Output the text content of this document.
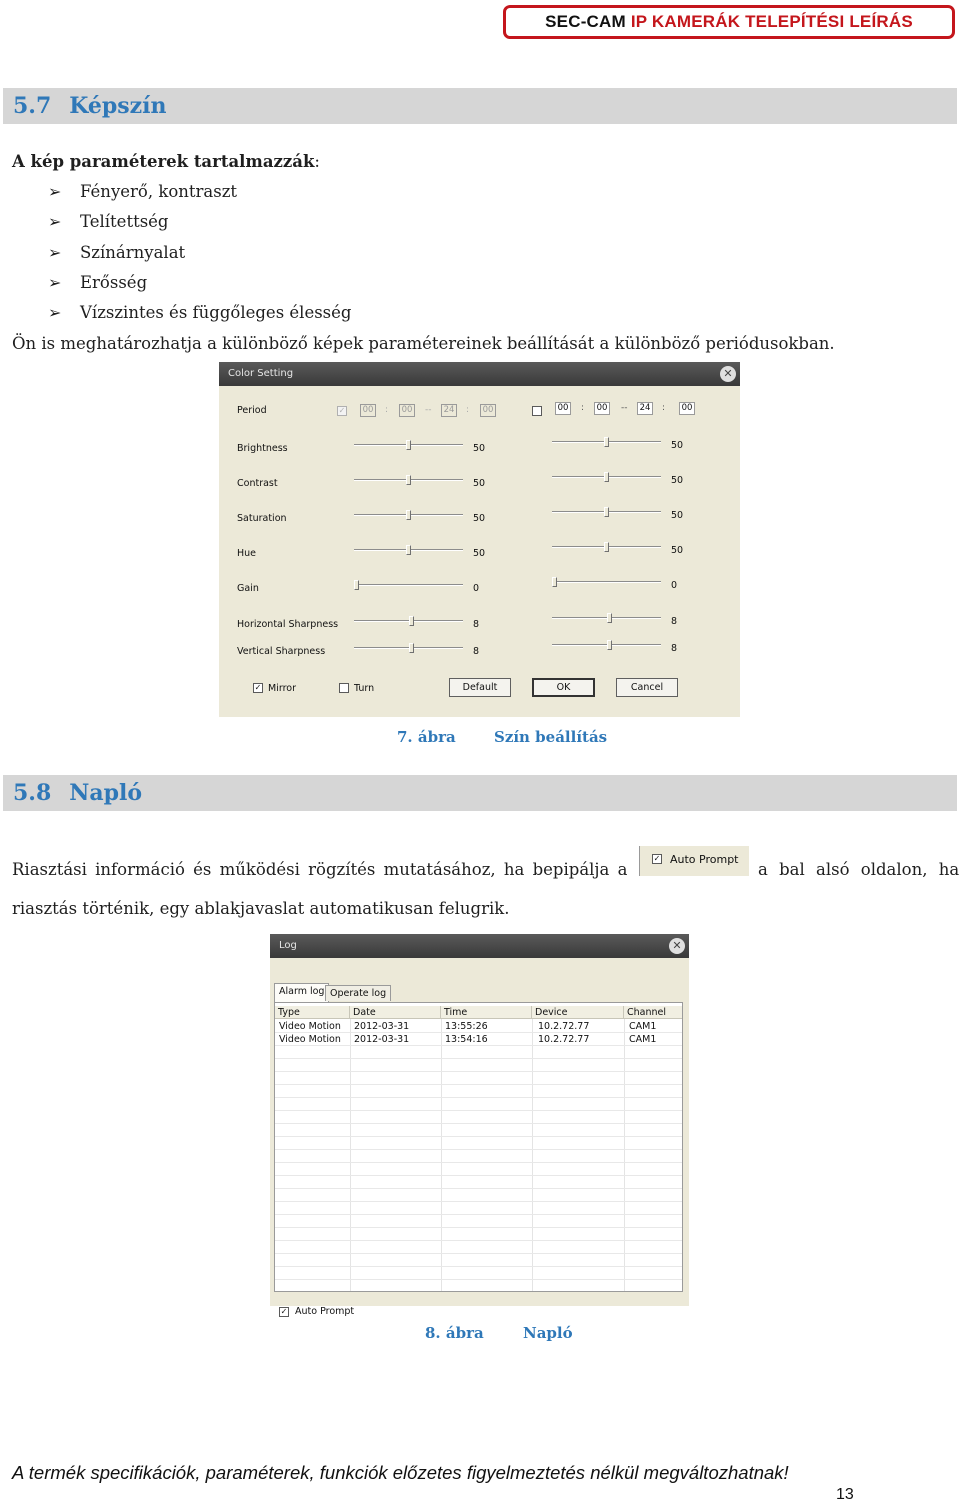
SEC-CAM
IP KAMERÁK TELEPÍTÉSI LEÍRÁS
5.7 Képszín
A kép paraméterek tartalmazzák:
➢ Fényerő, kontraszt
➢ Telítettség
➢ Színárnyalat
➢ Erősség
➢ Vízszintes és függőleges élesség
Ön is meghatározhatja a különböző képek paramétereinek beállítását a különböző periódusokban.
Color Setting	✕
Period	✓	00 :	00 --	24 :	00	00 :	00 --	24 :	00
Brightness	50	50
Contrast	50	50
Saturation	50	50
Hue	50	50
Gain	0	0
Horizontal Sharpness	8	8
Vertical Sharpness	8	8
✓ Mirror	Turn	Default	OK	Cancel
7. ábra	Szín beállítás
5.8 Napló
Riasztási információ és működési rögzítés mutatásához, ha bepipálja a
✓ Auto Prompt
a bal alsó oldalon, ha
riasztás történik, egy ablakjavaslat automatikusan felugrik.
Log	✕
Alarm log Operate log
Type	Date	Time	Device	Channel
Video Motion	2012-03-31	13:55:26	10.2.72.77	CAM1
Video Motion	2012-03-31	13:54:16	10.2.72.77	CAM1
✓ Auto Prompt
8. ábra	Napló
A termék specifikációk, paraméterek, funkciók előzetes figyelmeztetés nélkül megváltozhatnak!
13
